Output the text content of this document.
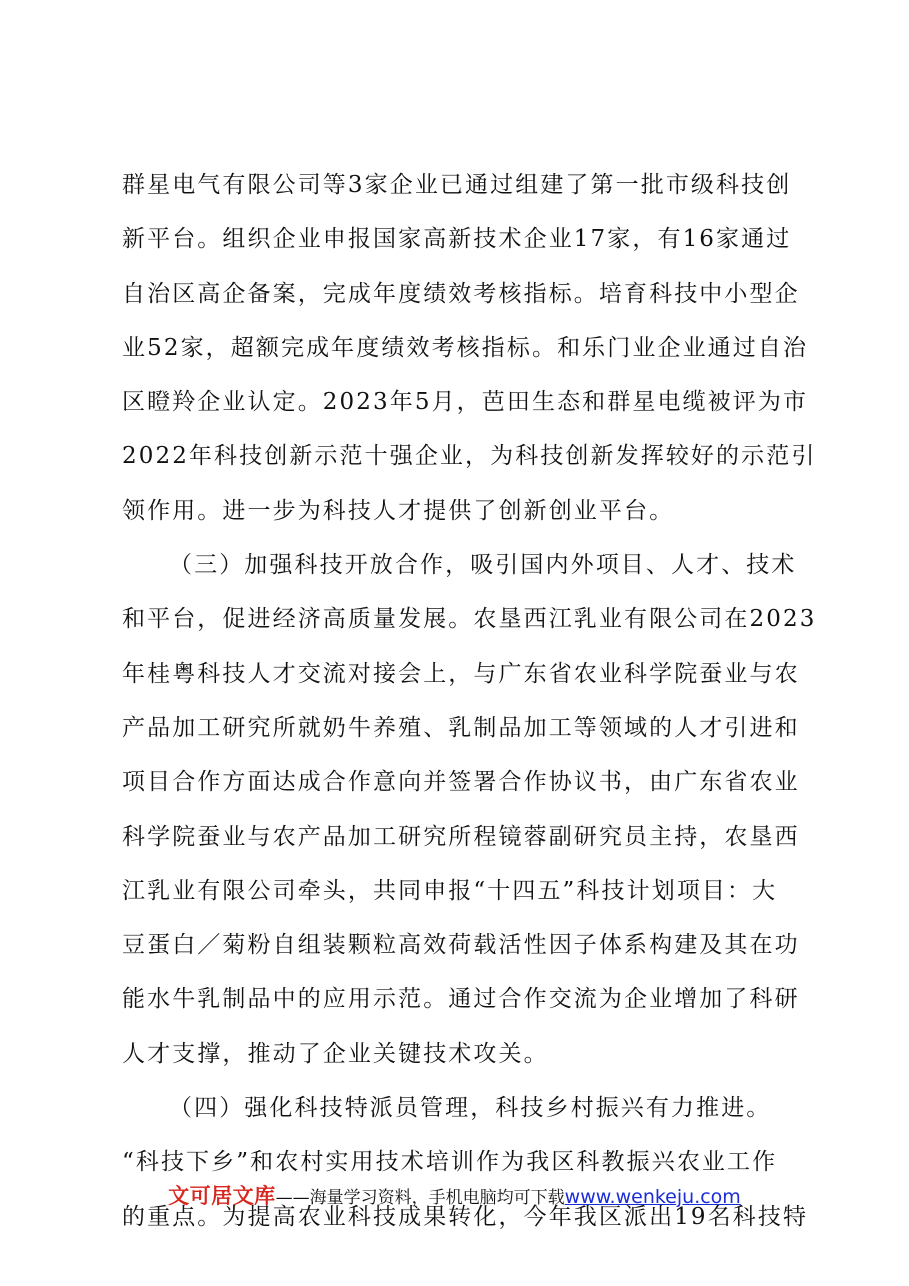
群星电气有限公司等3家企业已通过组建了第一批市级科技创
新平台。组织企业申报国家高新技术企业17家，有16家通过
自治区高企备案，完成年度绩效考核指标。培育科技中小型企
业52家，超额完成年度绩效考核指标。和乐门业企业通过自治
区瞪羚企业认定。2023年5月，芭田生态和群星电缆被评为市
2022年科技创新示范十强企业，为科技创新发挥较好的示范引
领作用。进一步为科技人才提供了创新创业平台。
（三）加强科技开放合作，吸引国内外项目、人才、技术
和平台，促进经济高质量发展。农垦西江乳业有限公司在2023
年桂粤科技人才交流对接会上，与广东省农业科学院蚕业与农
产品加工研究所就奶牛养殖、乳制品加工等领域的人才引进和
项目合作方面达成合作意向并签署合作协议书，由广东省农业
科学院蚕业与农产品加工研究所程镜蓉副研究员主持，农垦西
江乳业有限公司牵头，共同申报“十四五”科技计划项目：大
豆蛋白／菊粉自组装颗粒高效荷载活性因子体系构建及其在功
能水牛乳制品中的应用示范。通过合作交流为企业增加了科研
人才支撑，推动了企业关键技术攻关。
（四）强化科技特派员管理，科技乡村振兴有力推进。
“科技下乡”和农村实用技术培训作为我区科教振兴农业工作
的重点。为提高农业科技成果转化，今年我区派出19名科技特
文可居文库——海量学习资料，手机电脑均可下载www.wenkeju.com
